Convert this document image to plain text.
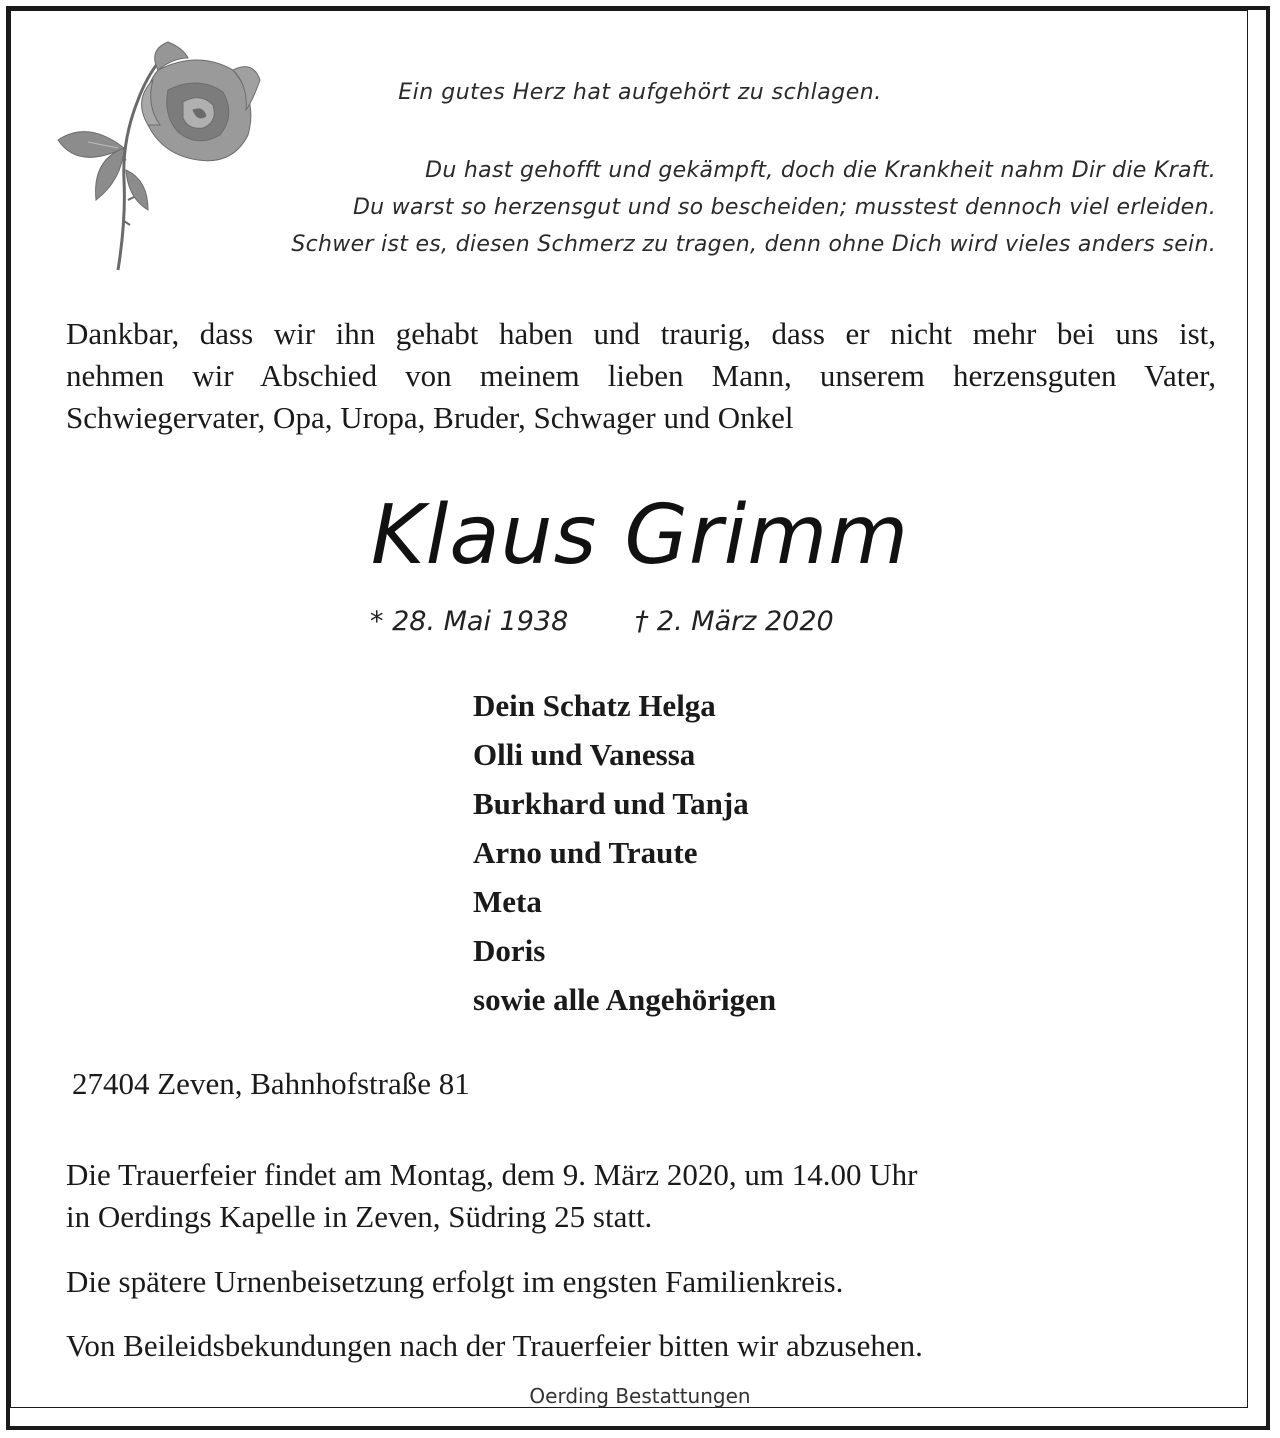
Ein gutes Herz hat aufgehört zu schlagen.

Du hast gehofft und gekämpft, doch die Krankheit nahm Dir die Kraft.

Du warst so herzensgut und so bescheiden; musstest dennoch viel erleiden.

Schwer ist es, diesen Schmerz zu tragen, denn ohne Dich wird vieles anders sein.

Dankbar, dass wir ihn gehabt haben und traurig, dass er nicht mehr bei uns ist,

nehmen wir Abschied von meinem lieben Mann, unserem herzensguten Vater,

Schwiegervater, Opa, Uropa, Bruder, Schwager und Onkel

Klaus Grimm

* 28. Mai 1938 † 2. März 2020

Dein Schatz Helga

Olli und Vanessa

Burkhard und Tanja

Arno und Traute

Meta

Doris

sowie alle Angehörigen

27404 Zeven, Bahnhofstraße 81

Die Trauerfeier findet am Montag, dem 9. März 2020, um 14.00 Uhr

in Oerdings Kapelle in Zeven, Südring 25 statt.

Die spätere Urnenbeisetzung erfolgt im engsten Familienkreis.

Von Beileidsbekundungen nach der Trauerfeier bitten wir abzusehen.

Oerding Bestattungen
